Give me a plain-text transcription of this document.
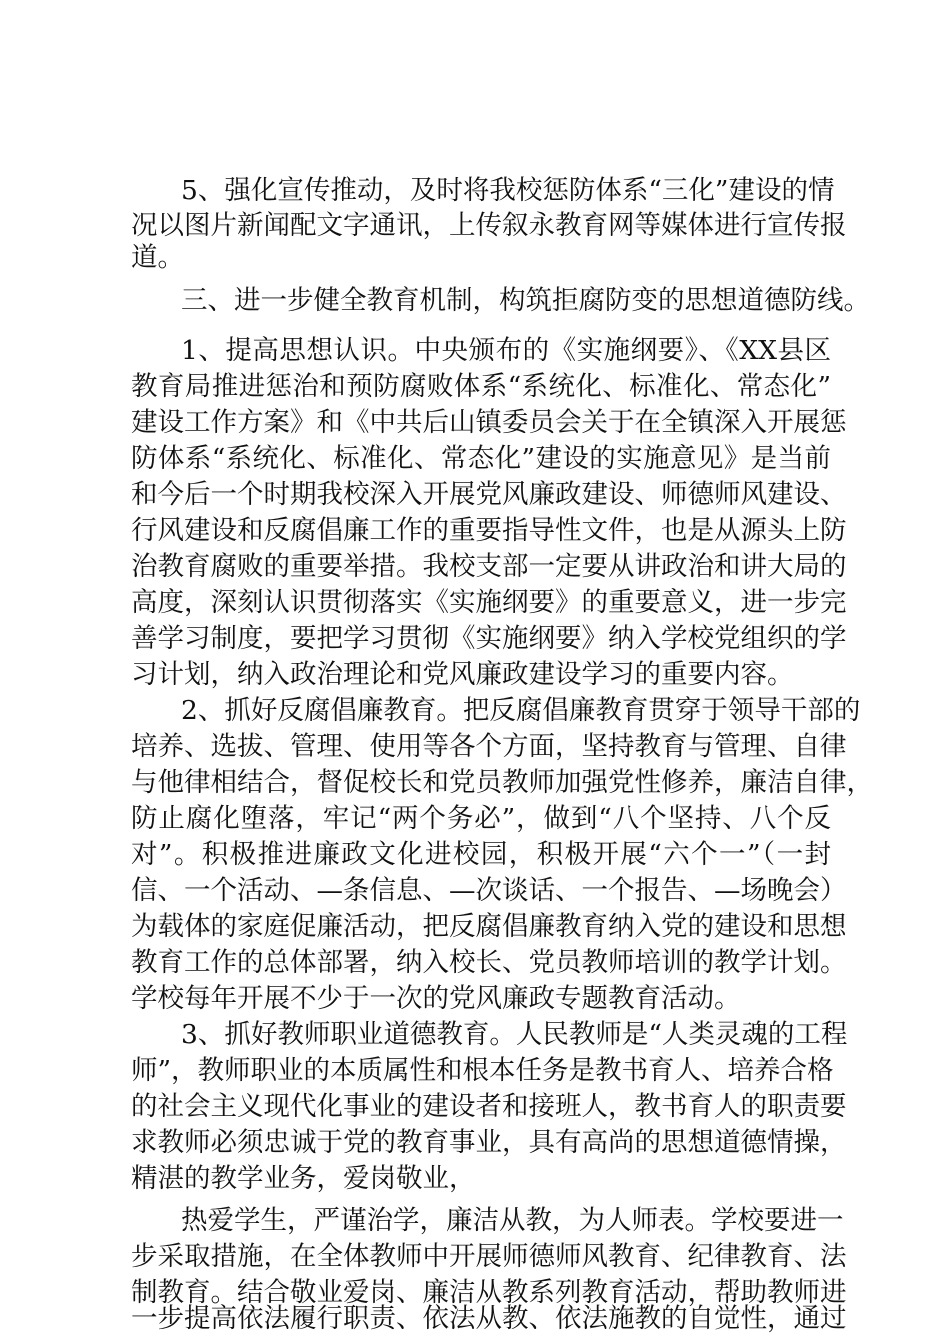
5、强化宣传推动，及时将我校惩防体系“三化”建设的情
况以图片新闻配文字通讯，上传叙永教育网等媒体进行宣传报
道。
三、进一步健全教育机制，构筑拒腐防变的思想道德防线。
1、提高思想认识。中央颁布的《实施纲要》、《XX县区
教育局推进惩治和预防腐败体系“系统化、标准化、常态化”
建设工作方案》和《中共后山镇委员会关于在全镇深入开展惩
防体系“系统化、标准化、常态化”建设的实施意见》是当前
和今后一个时期我校深入开展党风廉政建设、师德师风建设、
行风建设和反腐倡廉工作的重要指导性文件，也是从源头上防
治教育腐败的重要举措。我校支部一定要从讲政治和讲大局的
高度，深刻认识贯彻落实《实施纲要》的重要意义，进一步完
善学习制度，要把学习贯彻《实施纲要》纳入学校党组织的学
习计划，纳入政治理论和党风廉政建设学习的重要内容。
2、抓好反腐倡廉教育。把反腐倡廉教育贯穿于领导干部的
培养、选拔、管理、使用等各个方面，坚持教育与管理、自律
与他律相结合，督促校长和党员教师加强党性修养，廉洁自律，
防止腐化堕落，牢记“两个务必”，做到“八个坚持、八个反
对”。积极推进廉政文化进校园，积极开展“六个一”（一封
信、一个活动、—条信息、—次谈话、一个报告、—场晚会）
为载体的家庭促廉活动，把反腐倡廉教育纳入党的建设和思想
教育工作的总体部署，纳入校长、党员教师培训的教学计划。
学校每年开展不少于一次的党风廉政专题教育活动。
3、抓好教师职业道德教育。人民教师是“人类灵魂的工程
师”，教师职业的本质属性和根本任务是教书育人、培养合格
的社会主义现代化事业的建设者和接班人，教书育人的职责要
求教师必须忠诚于党的教育事业，具有高尚的思想道德情操，
精湛的教学业务，爱岗敬业，
热爱学生，严谨治学，廉洁从教，为人师表。学校要进一
步采取措施，在全体教师中开展师德师风教育、纪律教育、法
制教育。结合敬业爱岗、廉洁从教系列教育活动，帮助教师进
一步提高依法履行职责、依法从教、依法施教的自觉性，通过
